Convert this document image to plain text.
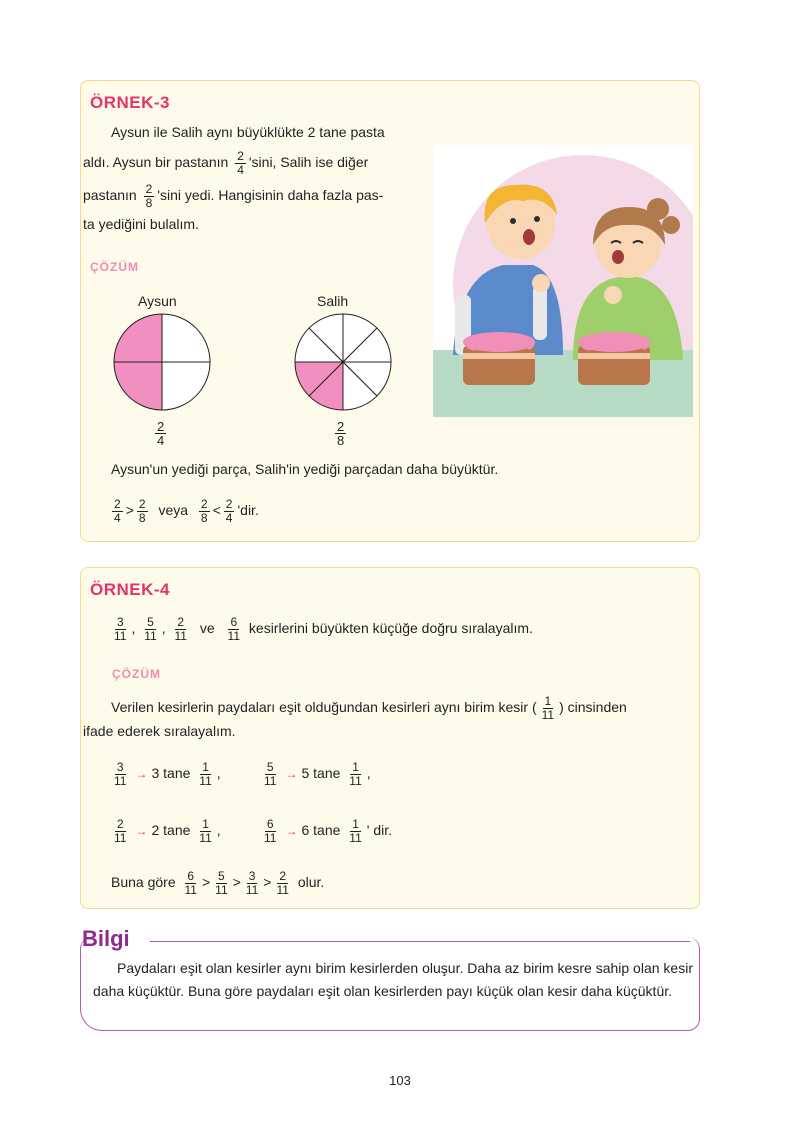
ÖRNEK-3
Aysun ile Salih aynı büyüklükte 2 tane pasta
aldı. Aysun bir pastanın $\frac{2}{4}$ 'sini, Salih ise diğer
pastanın $\frac{2}{8}$ 'sini yedi. Hangisinin daha fazla pas-
ta yediğini bulalım.
ÇÖZÜM
Aysun	Salih
$\frac{2}{4}$	$\frac{2}{8}$
Aysun'un yediği parça, Salih'in yediği parçadan daha büyüktür.
$\frac{2}{4} > \frac{2}{8}$ veya $\frac{2}{8} < \frac{2}{4}$ 'dir.
ÖRNEK-4
$\frac{3}{11}$ , $\frac{5}{11}$ , $\frac{2}{11}$ ve $\frac{6}{11}$ kesirlerini büyükten küçüğe doğru sıralayalım.
ÇÖZÜM
Verilen kesirlerin paydaları eşit olduğundan kesirleri aynı birim kesir ( $\frac{1}{11}$ ) cinsinden
ifade ederek sıralayalım.
$\frac{3}{11} \to 3$ tane $\frac{1}{11}$ ,	$\frac{5}{11} \to 5$ tane $\frac{1}{11}$ ,
$\frac{2}{11} \to 2$ tane $\frac{1}{11}$ ,	$\frac{6}{11} \to 6$ tane $\frac{1}{11}$ ' dir.
Buna göre $\frac{6}{11} > \frac{5}{11} > \frac{3}{11} > \frac{2}{11}$ olur.
Bilgi
Paydaları eşit olan kesirler aynı birim kesirlerden oluşur. Daha az birim kesre sahip olan kesir daha küçüktür. Buna göre paydaları eşit olan kesirlerden payı küçük olan kesir daha küçüktür.
103
